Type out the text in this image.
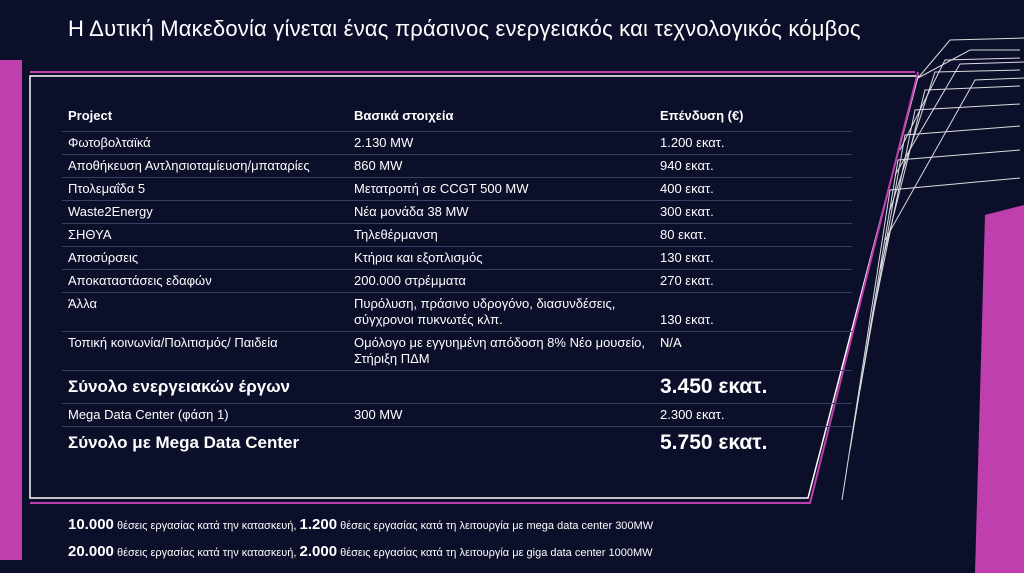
Η Δυτική Μακεδονία γίνεται ένας πράσινος ενεργειακός και τεχνολογικός κόμβος
Project	Βασικά στοιχεία	Επένδυση (€)
Φωτοβολταϊκά	2.130 MW	1.200 εκατ.
Αποθήκευση Αντλησιοταμίευση/μπαταρίες	860 MW	940 εκατ.
Πτολεμαΐδα 5	Μετατροπή σε CCGT 500 MW	400 εκατ.
Waste2Energy	Νέα μονάδα 38 MW	300 εκατ.
ΣΗΘΥΑ	Τηλεθέρμανση	80 εκατ.
Αποσύρσεις	Κτήρια και εξοπλισμός	130 εκατ.
Αποκαταστάσεις εδαφών	200.000 στρέμματα	270 εκατ.
Άλλα	Πυρόλυση, πράσινο υδρογόνο, διασυνδέσεις, σύγχρονοι πυκνωτές κλπ.	130 εκατ.
Τοπική κοινωνία/Πολιτισμός/ Παιδεία	Ομόλογο με εγγυημένη απόδοση 8% Νέο μουσείο, Στήριξη ΠΔΜ	N/A
Σύνολο ενεργειακών έργων		3.450 εκατ.
Mega Data Center (φάση 1)	300 MW	2.300 εκατ.
Σύνολο με Mega Data Center		5.750 εκατ.
10.000 θέσεις εργασίας κατά την κατασκευή, 1.200 θέσεις εργασίας κατά τη λειτουργία με mega data center 300MW
20.000 θέσεις εργασίας κατά την κατασκευή, 2.000 θέσεις εργασίας κατά τη λειτουργία με giga data center 1000MW
